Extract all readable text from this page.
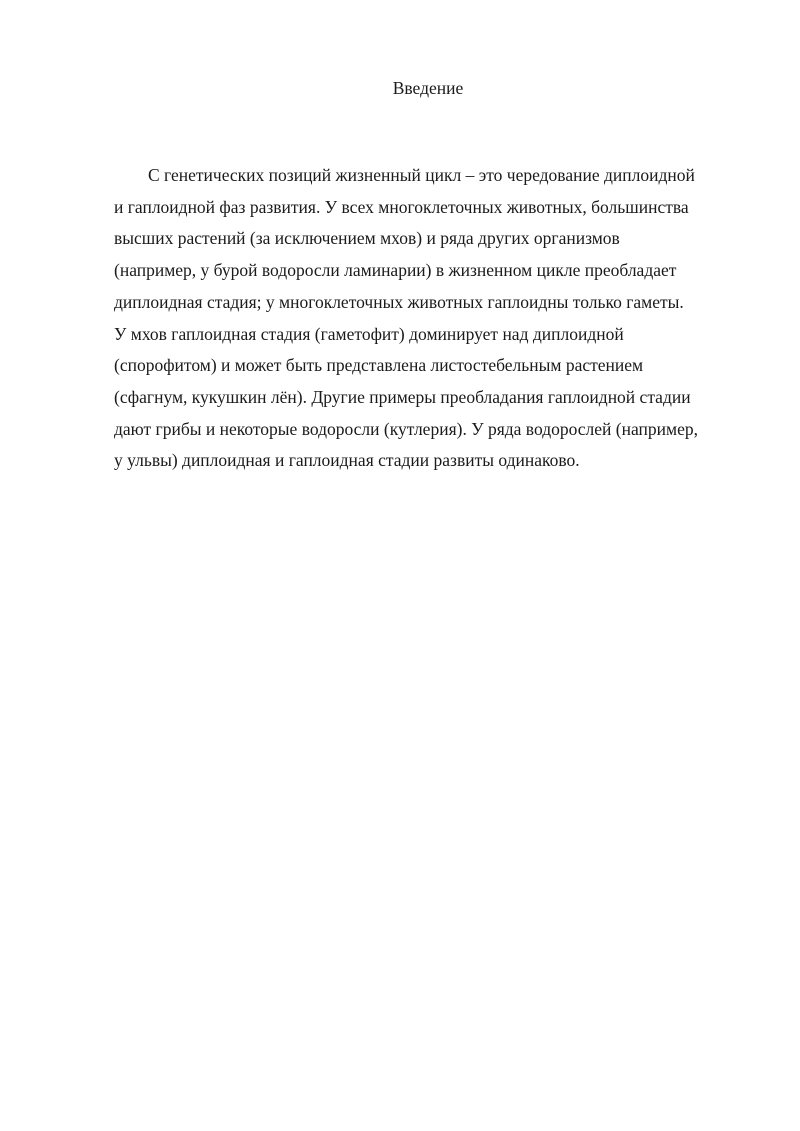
Введение

С генетических позиций жизненный цикл – это чередование диплоидной
и гаплоидной фаз развития. У всех многоклеточных животных, большинства
высших растений (за исключением мхов) и ряда других организмов
(например, у бурой водоросли ламинарии) в жизненном цикле преобладает
диплоидная стадия; у многоклеточных животных гаплоидны только гаметы.
У мхов гаплоидная стадия (гаметофит) доминирует над диплоидной
(спорофитом) и может быть представлена листостебельным растением
(сфагнум, кукушкин лён). Другие примеры преобладания гаплоидной стадии
дают грибы и некоторые водоросли (кутлерия). У ряда водорослей (например,
у ульвы) диплоидная и гаплоидная стадии развиты одинаково.
